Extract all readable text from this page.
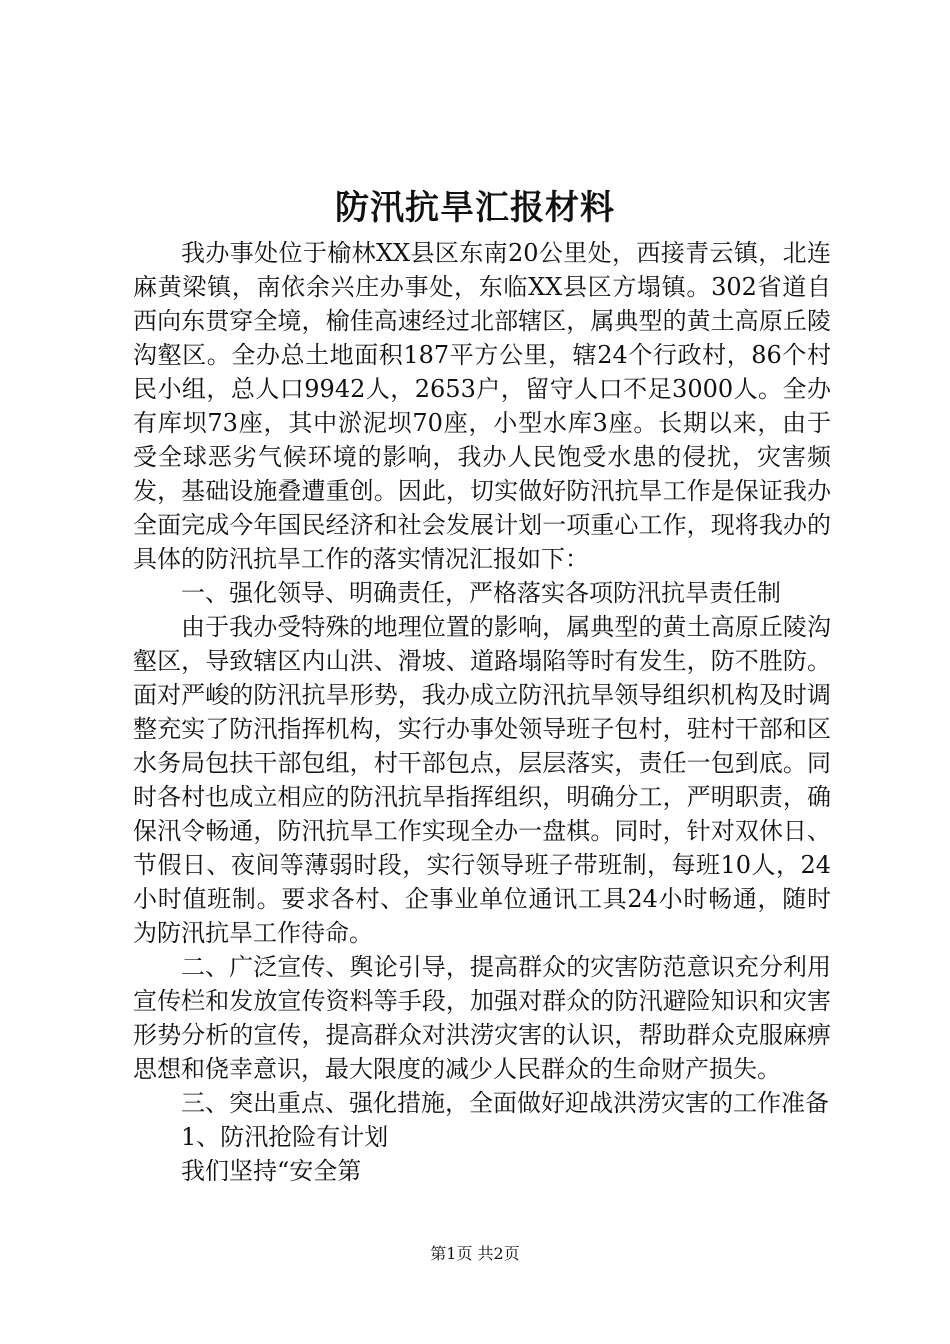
防汛抗旱汇报材料

我办事处位于榆林XX县区东南20公里处，西接青云镇，北连麻黄梁镇，南依余兴庄办事处，东临XX县区方塌镇。302省道自西向东贯穿全境，榆佳高速经过北部辖区，属典型的黄土高原丘陵沟壑区。全办总土地面积187平方公里，辖24个行政村，86个村民小组，总人口9942人，2653户，留守人口不足3000人。全办有库坝73座，其中淤泥坝70座，小型水库3座。长期以来，由于受全球恶劣气候环境的影响，我办人民饱受水患的侵扰，灾害频发，基础设施叠遭重创。因此，切实做好防汛抗旱工作是保证我办全面完成今年国民经济和社会发展计划一项重心工作，现将我办的具体的防汛抗旱工作的落实情况汇报如下：

一、强化领导、明确责任，严格落实各项防汛抗旱责任制

由于我办受特殊的地理位置的影响，属典型的黄土高原丘陵沟壑区，导致辖区内山洪、滑坡、道路塌陷等时有发生，防不胜防。面对严峻的防汛抗旱形势，我办成立防汛抗旱领导组织机构及时调整充实了防汛指挥机构，实行办事处领导班子包村，驻村干部和区水务局包扶干部包组，村干部包点，层层落实，责任一包到底。同时各村也成立相应的防汛抗旱指挥组织，明确分工，严明职责，确保汛令畅通，防汛抗旱工作实现全办一盘棋。同时，针对双休日、节假日、夜间等薄弱时段，实行领导班子带班制，每班10人，24小时值班制。要求各村、企事业单位通讯工具24小时畅通，随时为防汛抗旱工作待命。

二、广泛宣传、舆论引导，提高群众的灾害防范意识充分利用宣传栏和发放宣传资料等手段，加强对群众的防汛避险知识和灾害形势分析的宣传，提高群众对洪涝灾害的认识，帮助群众克服麻痹思想和侥幸意识，最大限度的减少人民群众的生命财产损失。

三、突出重点、强化措施，全面做好迎战洪涝灾害的工作准备

1、防汛抢险有计划

我们坚持“安全第

第1页 共2页
